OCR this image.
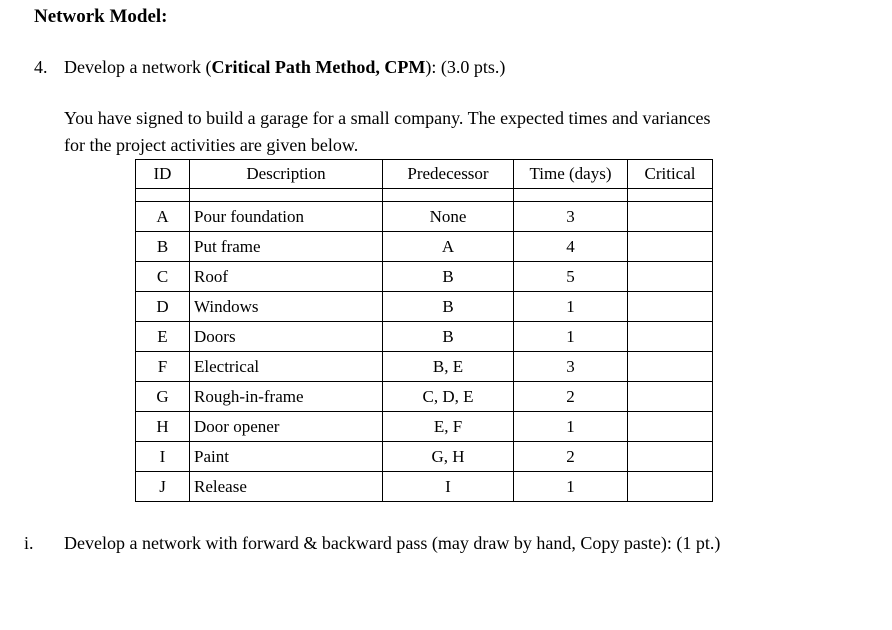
Network Model:
4. Develop a network (Critical Path Method, CPM): (3.0 pts.)
You have signed to build a garage for a small company. The expected times and variances
for the project activities are given below.
ID	Description	Predecessor	Time (days)	Critical

A	Pour foundation	None	3	
B	Put frame	A	4	
C	Roof	B	5	
D	Windows	B	1	
E	Doors	B	1	
F	Electrical	B, E	3	
G	Rough-in-frame	C, D, E	2	
H	Door opener	E, F	1	
I	Paint	G, H	2	
J	Release	I	1	
i. Develop a network with forward & backward pass (may draw by hand, Copy paste): (1 pt.)
